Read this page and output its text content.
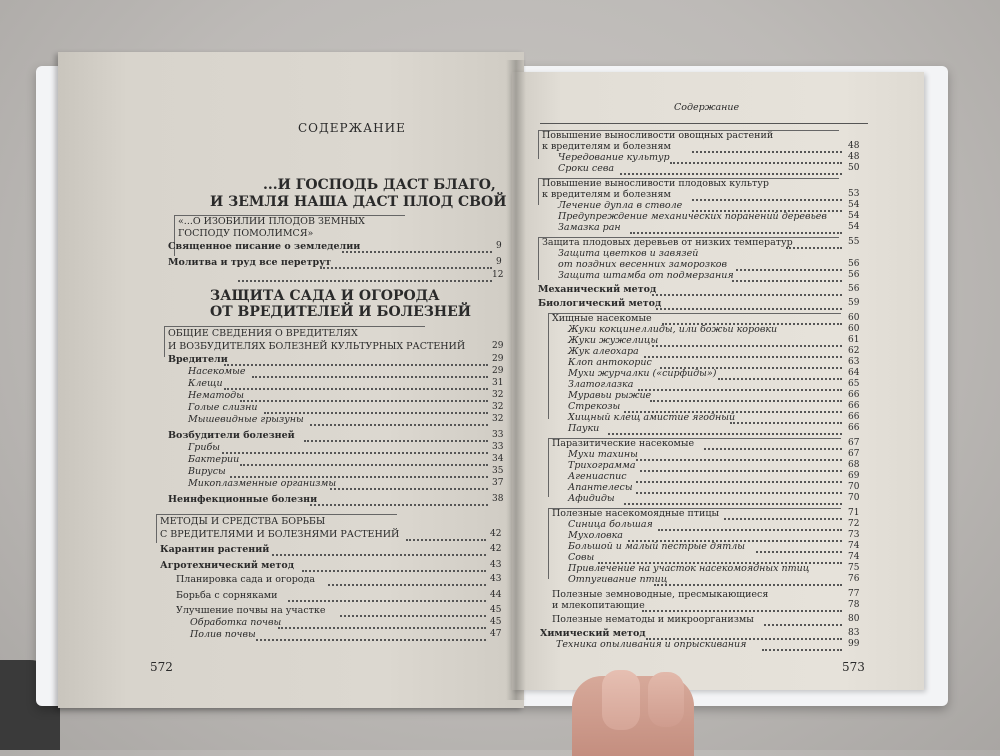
СОДЕРЖАНИЕ
...И ГОСПОДЬ ДАСТ БЛАГО,
И ЗЕМЛЯ НАША ДАСТ ПЛОД СВОЙ
«...О ИЗОБИЛИИ ПЛОДОВ ЗЕМНЫХ
ГОСПОДУ ПОМОЛИМСЯ»
Священное писание о земледелии	9
Молитва и труд все перетрут	9
12
ЗАЩИТА САДА И ОГОРОДА
ОТ ВРЕДИТЕЛЕЙ И БОЛЕЗНЕЙ
ОБЩИЕ СВЕДЕНИЯ О ВРЕДИТЕЛЯХ
И ВОЗБУДИТЕЛЯХ БОЛЕЗНЕЙ КУЛЬТУРНЫХ РАСТЕНИЙ	29
Вредители	29
Насекомые	29
Клещи	31
Нематоды	32
Голые слизни	32
Мышевидные грызуны	32
Возбудители болезней	33
Грибы	33
Бактерии	34
Вирусы	35
Микоплазменные организмы	37
Неинфекционные болезни	38
МЕТОДЫ И СРЕДСТВА БОРЬБЫ
С ВРЕДИТЕЛЯМИ И БОЛЕЗНЯМИ РАСТЕНИЙ	42
Карантин растений	42
Агротехнический метод	43
Планировка сада и огорода	43
Борьба с сорняками	44
Улучшение почвы на участке	45
Обработка почвы	45
Полив почвы	47
572
Содержание
Повышение выносливости овощных растений
к вредителям и болезням	48
Чередование культур	48
Сроки сева	50
Повышение выносливости плодовых культур
к вредителям и болезням	53
Лечение дупла в стволе	54
Предупреждение механических поранений деревьев 54
Замазка ран	54
Защита плодовых деревьев от низких температур	55
Защита цветков и завязей
от поздних весенних заморозков	56
Защита штамба от подмерзания	56
Механический метод	56
Биологический метод	59
Хищные насекомые	60
Жуки кокцинеллиды, или божьи коровки	60
Жуки жужелицы	61
Жук алеохара	62
Клоп антокорис	63
Мухи журчалки («сирфиды»)	64
Златоглазка	65
Муравьи рыжие	66
Стрекозы	66
Хищный клещ амистие ягодный	66
Пауки	66
Паразитические насекомые	67
Мухи тахины	67
Трихограмма	68
Агениаспис	69
Апантелесы	70
Афидиды	70
Полезные насекомоядные птицы	71
Синица большая	72
Мухоловка	73
Большой и малый пестрые дятлы	74
Совы	74
Привлечение на участок насекомоядных птиц	75
Отпугивание птиц	76
Полезные земноводные, пресмыкающиеся	77
и млекопитающие	78
Полезные нематоды и микроорганизмы	80
Химический метод	83
Техника опыливания и опрыскивания	99
573
